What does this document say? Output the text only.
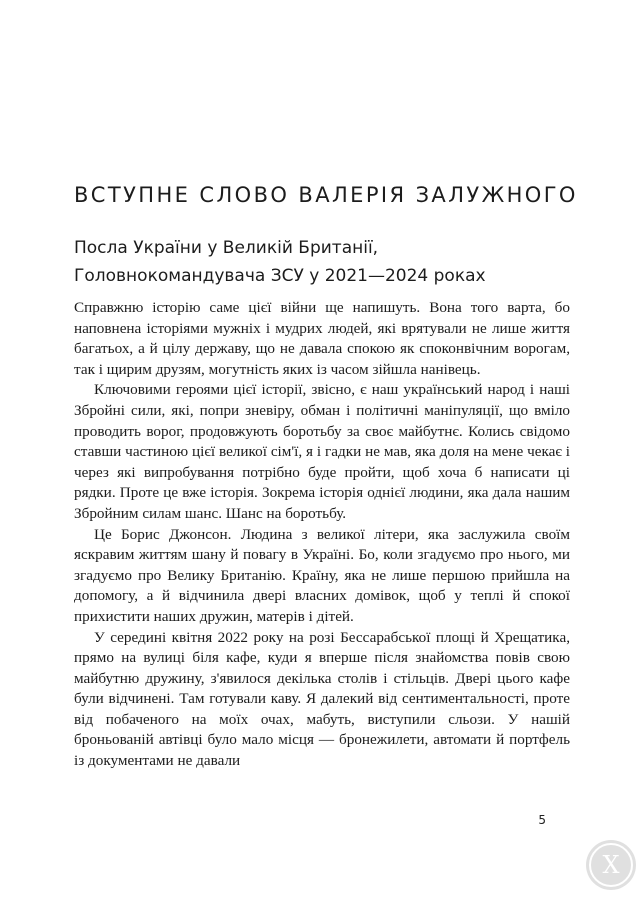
ВСТУПНЕ СЛОВО ВАЛЕРІЯ ЗАЛУЖНОГО
Посла України у Великій Британії,
Головнокомандувача ЗСУ у 2021—2024 роках

Справжню історію саме цієї війни ще напишуть. Вона того варта, бо наповнена історіями мужніх і мудрих людей, які врятували не лише життя багатьох, а й цілу державу, що не давала спокою як споконвічним ворогам, так і щирим друзям, могутність яких із часом зійшла нанівець.

Ключовими героями цієї історії, звісно, є наш український народ і наші Збройні сили, які, попри зневіру, обман і політичні маніпуляції, що вміло проводить ворог, продовжують боротьбу за своє майбутнє. Колись свідомо ставши частиною цієї великої сім'ї, я і гадки не мав, яка доля на мене чекає і через які випробування потрібно буде пройти, щоб хоча б написати ці рядки. Проте це вже історія. Зокрема історія однієї людини, яка дала нашим Збройним силам шанс. Шанс на боротьбу.

Це Борис Джонсон. Людина з великої літери, яка заслужила своїм яскравим життям шану й повагу в Україні. Бо, коли згадуємо про нього, ми згадуємо про Велику Британію. Країну, яка не лише першою прийшла на допомогу, а й відчинила двері власних домівок, щоб у теплі й спокої прихистити наших дружин, матерів і дітей.

У середині квітня 2022 року на розі Бессарабської площі й Хрещатика, прямо на вулиці біля кафе, куди я вперше після знайомства повів свою майбутню дружину, з'явилося декілька столів і стільців. Двері цього кафе були відчинені. Там готували каву. Я далекий від сентиментальності, проте від побаченого на моїх очах, мабуть, виступили сльози. У нашій броньованій автівці було мало місця — бронежилети, автомати й портфель із документами не давали

5
X
